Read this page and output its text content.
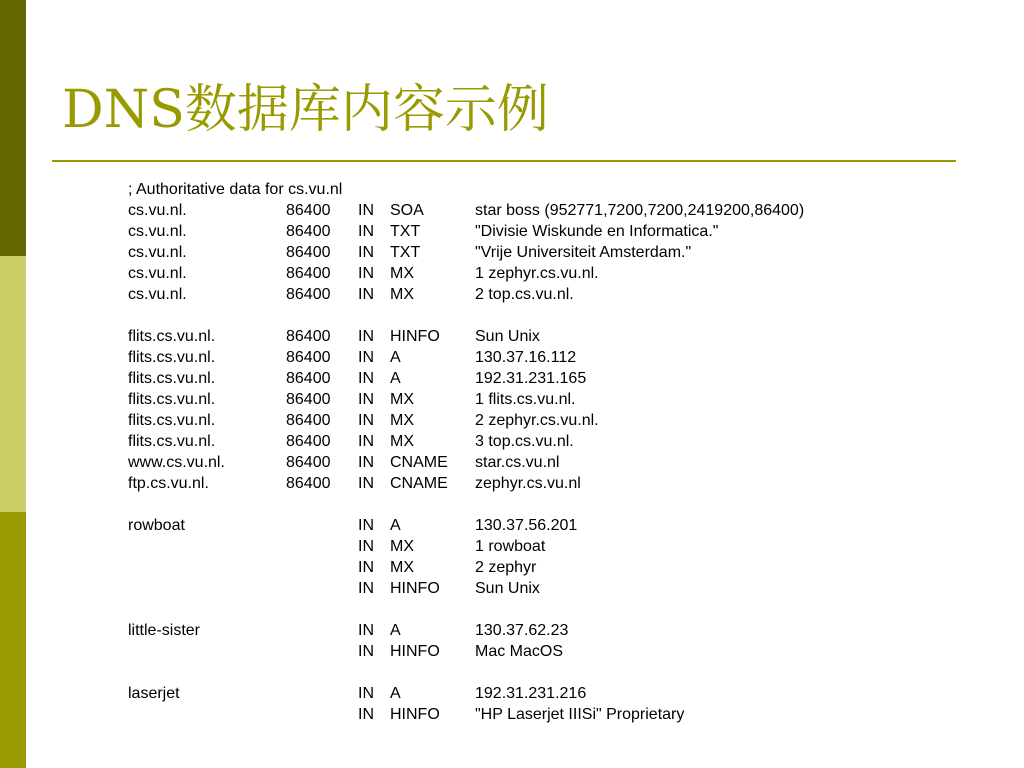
DNS数据库内容示例
; Authoritative data for cs.vu.nl
cs.vu.nl.	86400 IN SOA	star boss (952771,7200,7200,2419200,86400)
cs.vu.nl.	86400 IN TXT	"Divisie Wiskunde en Informatica."
cs.vu.nl.	86400 IN TXT	"Vrije Universiteit Amsterdam."
cs.vu.nl.	86400 IN MX	1 zephyr.cs.vu.nl.
cs.vu.nl.	86400 IN MX	2 top.cs.vu.nl.
flits.cs.vu.nl.	86400 IN HINFO Sun Unix
flits.cs.vu.nl.	86400 IN A	130.37.16.112
flits.cs.vu.nl.	86400 IN A	192.31.231.165
flits.cs.vu.nl.	86400 IN MX	1 flits.cs.vu.nl.
flits.cs.vu.nl.	86400 IN MX	2 zephyr.cs.vu.nl.
flits.cs.vu.nl.	86400 IN MX	3 top.cs.vu.nl.
www.cs.vu.nl.	86400 IN CNAME star.cs.vu.nl
ftp.cs.vu.nl.	86400 IN CNAME zephyr.cs.vu.nl
rowboat	IN A	130.37.56.201
IN MX	1 rowboat
IN MX	2 zephyr
IN HINFO Sun Unix
little-sister	IN A	130.37.62.23
IN HINFO Mac MacOS
laserjet	IN A	192.31.231.216
IN HINFO "HP Laserjet IIISi" Proprietary
